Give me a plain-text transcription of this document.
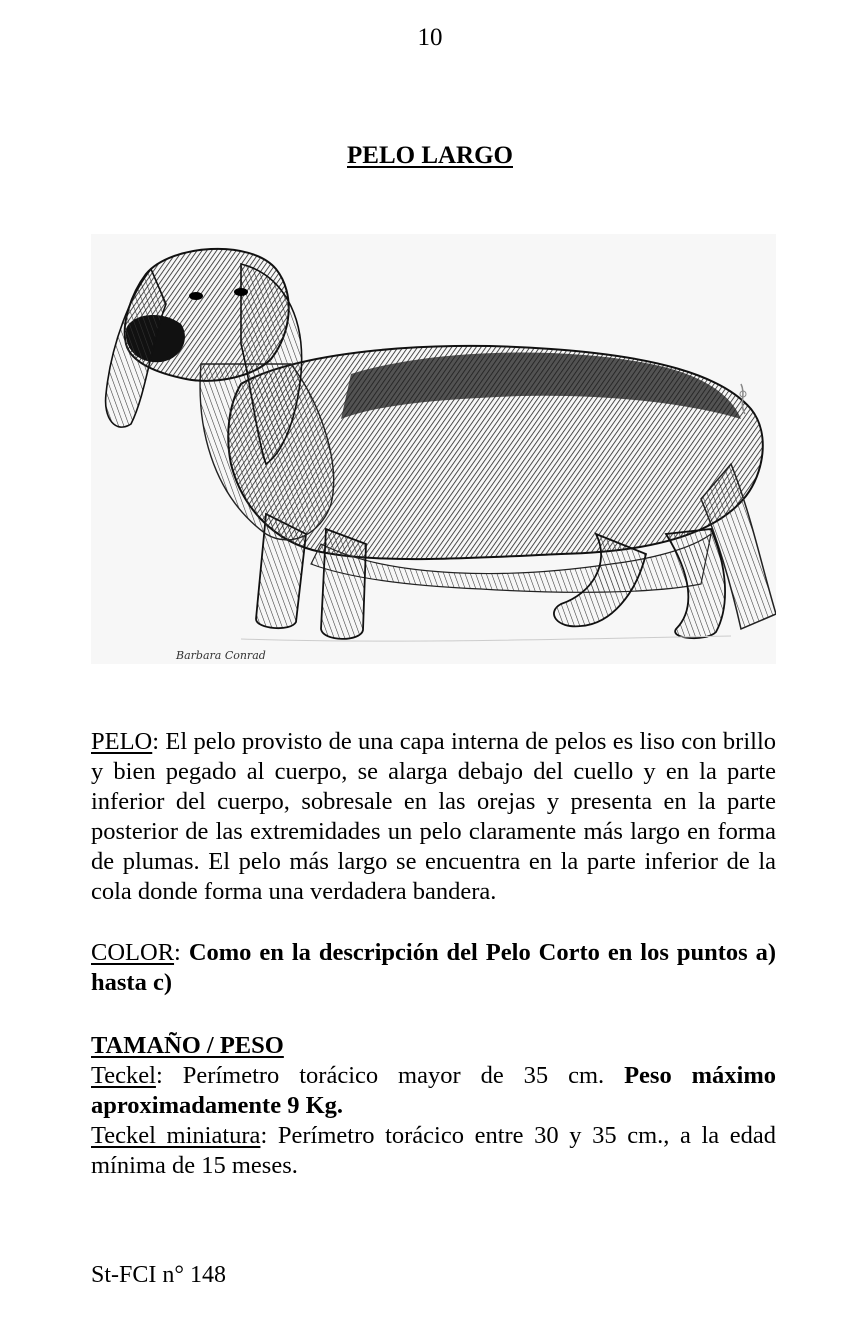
10
PELO LARGO
Barbara Conrad
PELO: El pelo provisto de una capa interna de pelos es liso con brillo y bien pegado al cuerpo, se alarga debajo del cuello y en la parte inferior del cuerpo, sobresale en las orejas y presenta en la parte posterior de las extremidades un pelo claramente más largo en forma de plumas. El pelo más largo se encuentra en la parte inferior de la cola donde forma una verdadera bandera.
COLOR: Como en la descripción del Pelo Corto en los puntos a) hasta c)
TAMAÑO / PESO
Teckel: Perímetro torácico mayor de 35 cm. Peso máximo aproximadamente 9 Kg.
Teckel miniatura: Perímetro torácico entre 30 y 35 cm., a la edad mínima de 15 meses.
St-FCI n° 148
